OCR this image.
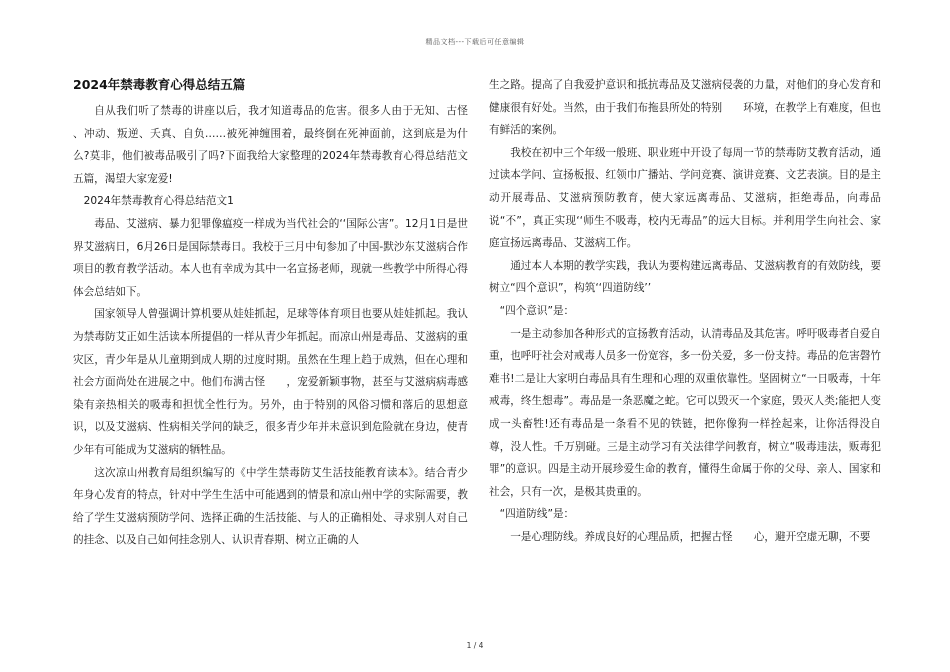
精品文档---下载后可任意编辑
2024年禁毒教育心得总结五篇

自从我们听了禁毒的讲座以后，我才知道毒品的危害。很多人由于无知、古怪　　、冲动、叛逆、夭真、自负……被死神缠围着，最终倒在死神面前，这到底是为什么?莫非，他们被毒品吸引了吗?下面我给大家整理的2024年禁毒教育心得总结范文五篇，渴望大家宠爱!

2024年禁毒教育心得总结范文1

毒品、艾滋病、暴力犯罪像瘟疫一样成为当代社会的‘‘国际公害”。12月1日是世界艾滋病日，6月26日是国际禁毒日。我校于三月中旬参加了中国-默沙东艾滋病合作项目的教育教学活动。本人也有幸成为其中一名宣扬老师，现就一些教学中所得心得体会总结如下。

国家领导人曾强调计算机要从娃娃抓起，足球等体育项目也要从娃娃抓起。我认为禁毒防艾正如生活读本所提倡的一样从青少年抓起。而凉山州是毒品、艾滋病的重灾区，青少年是从儿童期到成人期的过度时期。虽然在生理上趋于成熟，但在心理和社会方面尚处在进展之中。他们布满古怪　　，宠爱新颖事物，甚至与艾滋病病毒感染有亲热相关的吸毒和担忧全性行为。另外，由于特别的风俗习惯和落后的思想意识，以及艾滋病、性病相关学问的缺乏，很多青少年并未意识到危险就在身边，使青少年有可能成为艾滋病的牺牲品。

这次凉山州教育局组织编写的《中学生禁毒防艾生活技能教育读本》。结合青少年身心发育的特点，针对中学生生活中可能遇到的情景和凉山州中学的实际需要，教给了学生艾滋病预防学问、选择正确的生活技能、与人的正确相处、寻求别人对自己的挂念、以及自己如何挂念别人、认识青春期、树立正确的人

生之路。提高了自我爱护意识和抵抗毒品及艾滋病侵袭的力量，对他们的身心发育和健康很有好处。当然，由于我们布拖县所处的特别　　环境，在教学上有难度，但也有鲜活的案例。

我校在初中三个年级一般班、职业班中开设了每周一节的禁毒防艾教育活动，通过读本学问、宣扬板报、红领巾广播站、学问竞赛、演讲竞赛、文艺表演。目的是主动开展毒品、艾滋病预防教育，使大家远离毒品、艾滋病，拒绝毒品，向毒品说“不”，真正实现‘‘师生不吸毒，校内无毒品”的远大目标。并利用学生向社会、家庭宣扬远离毒品、艾滋病工作。

通过本人本期的教学实践，我认为要构建远离毒品、艾滋病教育的有效防线，要树立“四个意识”，构筑‘‘四道防线’’

“四个意识”是：

一是主动参加各种形式的宣扬教育活动，认清毒品及其危害。呼吁吸毒者自爱自重，也呼吁社会对戒毒人员多一份宽容，多一份关爱，多一份支持。毒品的危害磬竹难书!二是让大家明白毒品具有生理和心理的双重依靠性。坚固树立“一日吸毒，十年戒毒，终生想毒”。毒品是一条恶魔之蛇。它可以毁灭一个家庭，毁灭人类;能把人变成一头畜牲!还有毒品是一条看不见的铁链，把你像狗一样拴起来，让你活得没自尊，没人性。千万别碰。三是主动学习有关法律学问教育，树立“吸毒违法，贩毒犯罪”的意识。四是主动开展珍爱生命的教育，懂得生命属于你的父母、亲人、国家和社会，只有一次，是极其贵重的。

“四道防线”是：

一是心理防线。养成良好的心理品质，把握古怪　　心，避开空虚无聊，不要

1 / 4
